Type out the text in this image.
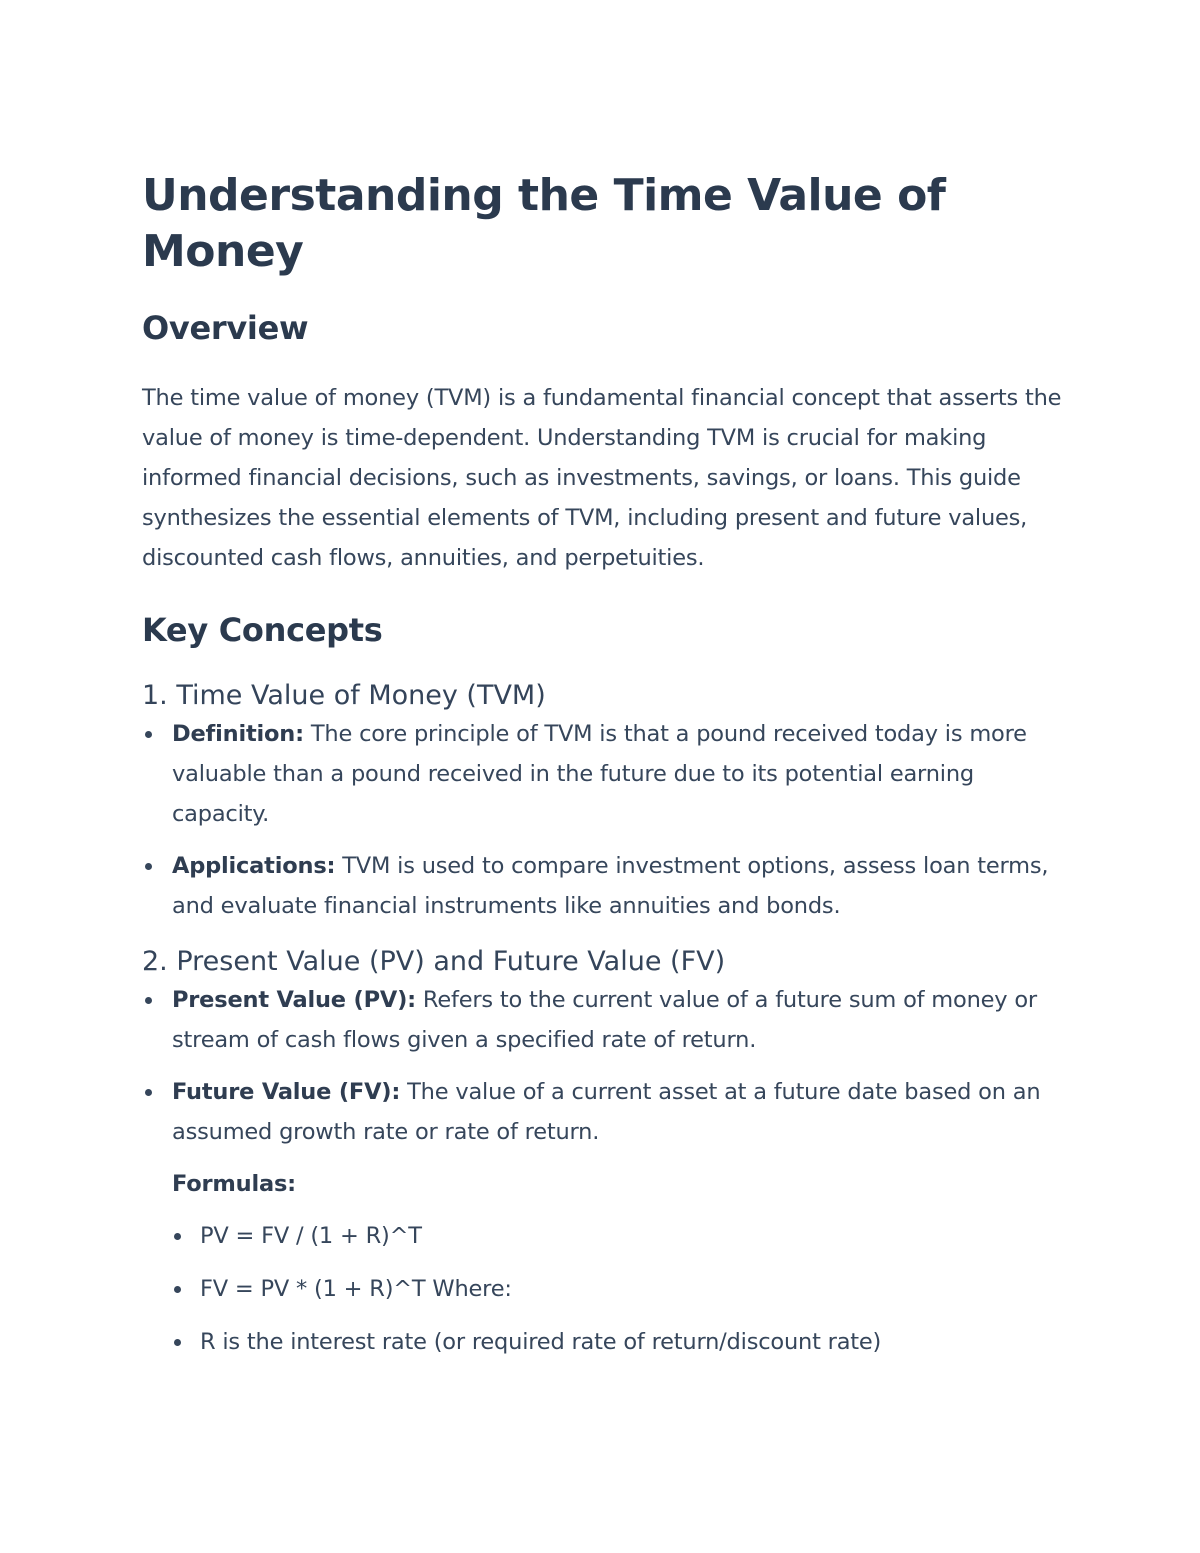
Understanding the Time Value of Money
Overview

The time value of money (TVM) is a fundamental financial concept that asserts the value of money is time-dependent. Understanding TVM is crucial for making informed financial decisions, such as investments, savings, or loans. This guide synthesizes the essential elements of TVM, including present and future values, discounted cash flows, annuities, and perpetuities.

Key Concepts
1. Time Value of Money (TVM)
Definition: The core principle of TVM is that a pound received today is more valuable than a pound received in the future due to its potential earning capacity.
Applications: TVM is used to compare investment options, assess loan terms, and evaluate financial instruments like annuities and bonds.
2. Present Value (PV) and Future Value (FV)
Present Value (PV): Refers to the current value of a future sum of money or stream of cash flows given a specified rate of return.
Future Value (FV): The value of a current asset at a future date based on an assumed growth rate or rate of return.

Formulas:

PV = FV / (1 + R)^T
FV = PV * (1 + R)^T Where:
R is the interest rate (or required rate of return/discount rate)
